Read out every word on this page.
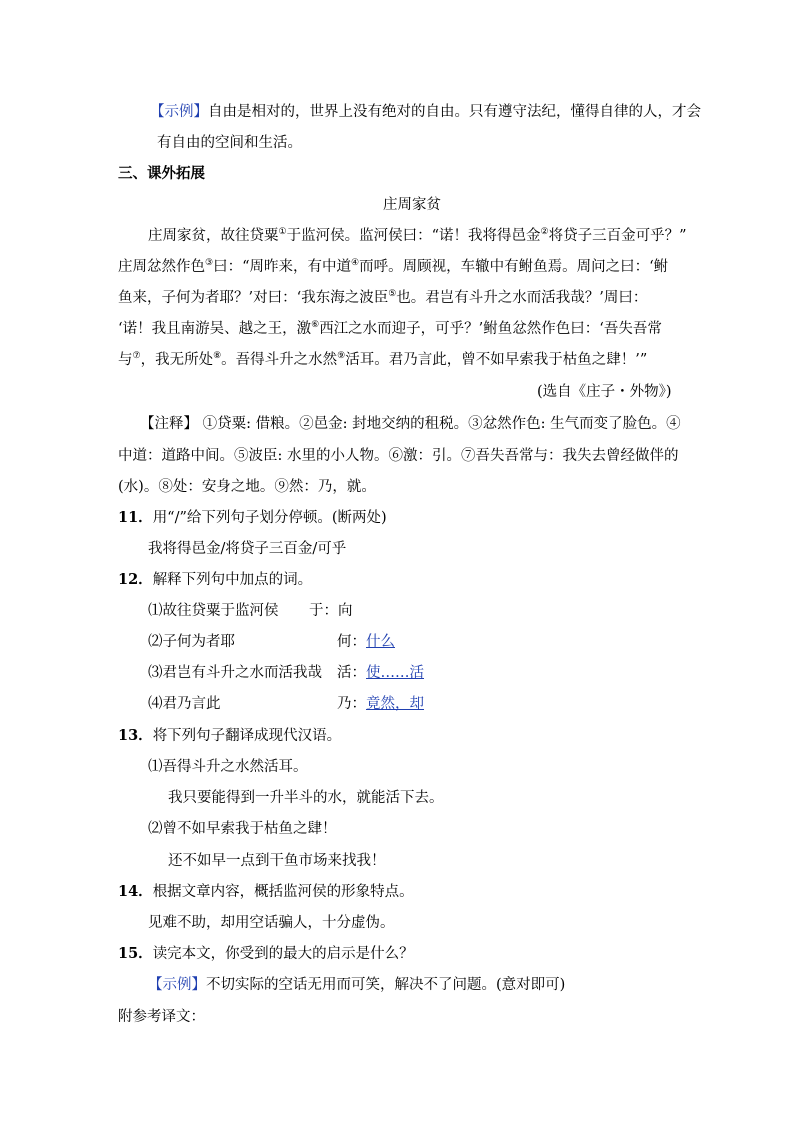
【示例】自由是相对的，世界上没有绝对的自由。只有遵守法纪，懂得自律的人，才会
有自由的空间和生活。
三、课外拓展
庄周家贫
庄周家贫，故往贷粟①于监河侯。监河侯曰：“诺！我将得邑金②将贷子三百金可乎？”
庄周忿然作色③曰：“周昨来，有中道④而呼。周顾视，车辙中有鲋鱼焉。周问之曰：‘鲋
鱼来，子何为者耶？’对曰：‘我东海之波臣⑤也。君岂有斗升之水而活我哉？’周曰：
‘诺！我且南游吴、越之王，激⑥西江之水而迎子，可乎？’鲋鱼忿然作色曰：‘吾失吾常
与⑦，我无所处⑧。吾得斗升之水然⑨活耳。君乃言此，曾不如早索我于枯鱼之肆！’”
(选自《庄子・外物》)
【注释】 ①贷粟: 借粮。②邑金: 封地交纳的租税。③忿然作色: 生气而变了脸色。④
中道：道路中间。⑤波臣: 水里的小人物。⑥激：引。⑦吾失吾常与：我失去曾经做伴的
(水)。⑧处：安身之地。⑨然：乃，就。
11．用“/”给下列句子划分停顿。(断两处)
我将得邑金/将贷子三百金/可乎
12．解释下列句中加点的词。
⑴故往贷粟于监河侯 于：向
⑵子何为者耶	何：什么
⑶君岂有斗升之水而活我哉 活：使……活
⑷君乃言此	乃：竟然，却
13．将下列句子翻译成现代汉语。
⑴吾得斗升之水然活耳。
我只要能得到一升半斗的水，就能活下去。
⑵曾不如早索我于枯鱼之肆！
还不如早一点到干鱼市场来找我！
14．根据文章内容，概括监河侯的形象特点。
见难不助，却用空话骗人，十分虚伪。
15．读完本文，你受到的最大的启示是什么？
【示例】不切实际的空话无用而可笑，解决不了问题。(意对即可)
附参考译文：
